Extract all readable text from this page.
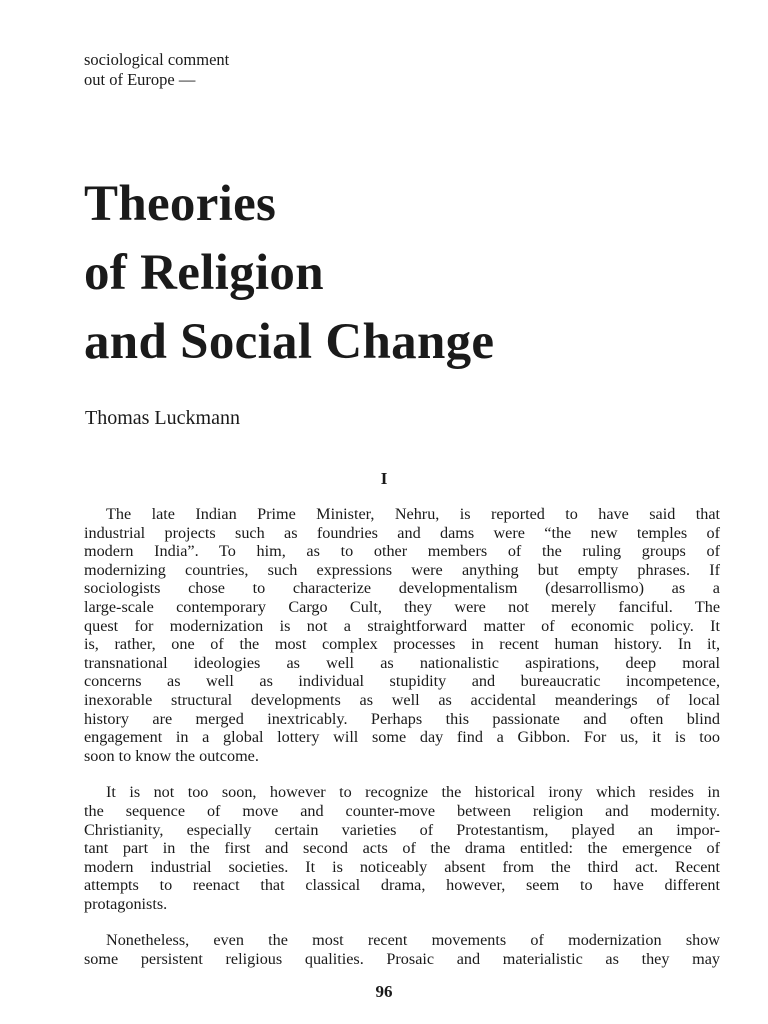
sociological comment
out of Europe —
Theories
of Religion
and Social Change
Thomas Luckmann
I
The late Indian Prime Minister, Nehru, is reported to have said that
industrial projects such as foundries and dams were “the new temples of
modern India”. To him, as to other members of the ruling groups of
modernizing countries, such expressions were anything but empty phrases. If
sociologists chose to characterize developmentalism (desarrollismo) as a
large-scale contemporary Cargo Cult, they were not merely fanciful. The
quest for modernization is not a straightforward matter of economic policy. It
is, rather, one of the most complex processes in recent human history. In it,
transnational ideologies as well as nationalistic aspirations, deep moral
concerns as well as individual stupidity and bureaucratic incompetence,
inexorable structural developments as well as accidental meanderings of local
history are merged inextricably. Perhaps this passionate and often blind
engagement in a global lottery will some day find a Gibbon. For us, it is too
soon to know the outcome.
It is not too soon, however to recognize the historical irony which resides in
the sequence of move and counter-move between religion and modernity.
Christianity, especially certain varieties of Protestantism, played an impor-
tant part in the first and second acts of the drama entitled: the emergence of
modern industrial societies. It is noticeably absent from the third act. Recent
attempts to reenact that classical drama, however, seem to have different
protagonists.
Nonetheless, even the most recent movements of modernization show
some persistent religious qualities. Prosaic and materialistic as they may
96
